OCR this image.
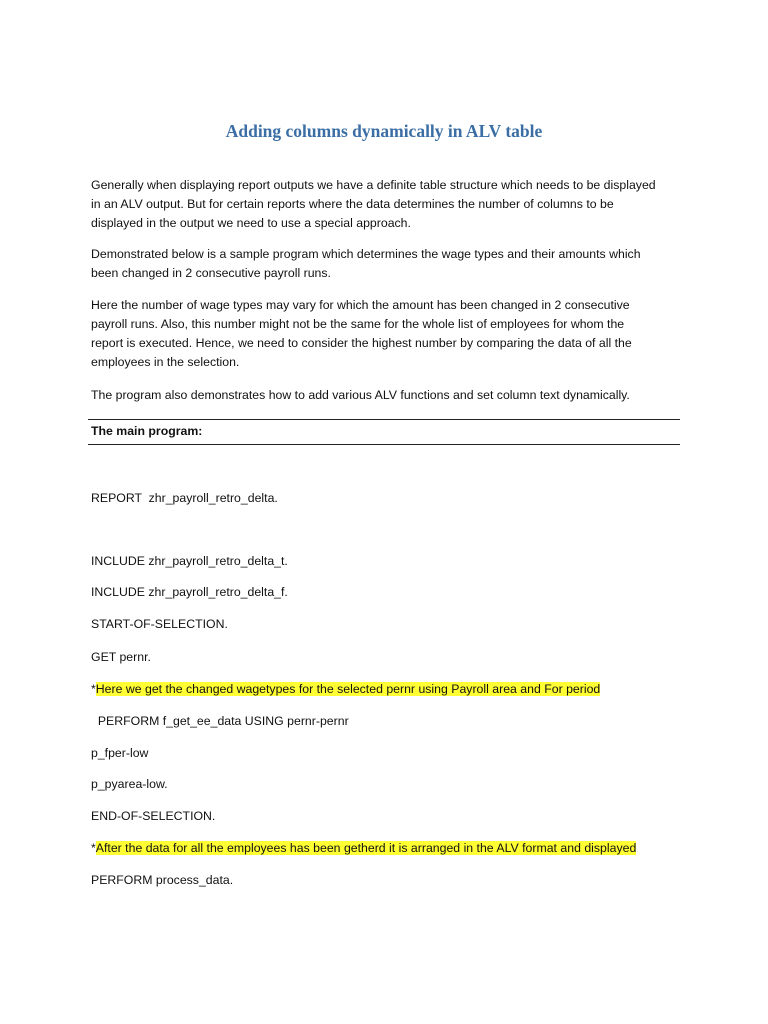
Adding columns dynamically in ALV table
Generally when displaying report outputs we have a definite table structure which needs to be displayed
in an ALV output. But for certain reports where the data determines the number of columns to be
displayed in the output we need to use a special approach.
Demonstrated below is a sample program which determines the wage types and their amounts which
been changed in 2 consecutive payroll runs.
Here the number of wage types may vary for which the amount has been changed in 2 consecutive
payroll runs. Also, this number might not be the same for the whole list of employees for whom the
report is executed. Hence, we need to consider the highest number by comparing the data of all the
employees in the selection.
The program also demonstrates how to add various ALV functions and set column text dynamically.
The main program:
REPORT  zhr_payroll_retro_delta.
INCLUDE zhr_payroll_retro_delta_t.
INCLUDE zhr_payroll_retro_delta_f.
START-OF-SELECTION.
GET pernr.
*Here we get the changed wagetypes for the selected pernr using Payroll area and For period
PERFORM f_get_ee_data USING pernr-pernr
p_fper-low
p_pyarea-low.
END-OF-SELECTION.
*After the data for all the employees has been getherd it is arranged in the ALV format and displayed
PERFORM process_data.
